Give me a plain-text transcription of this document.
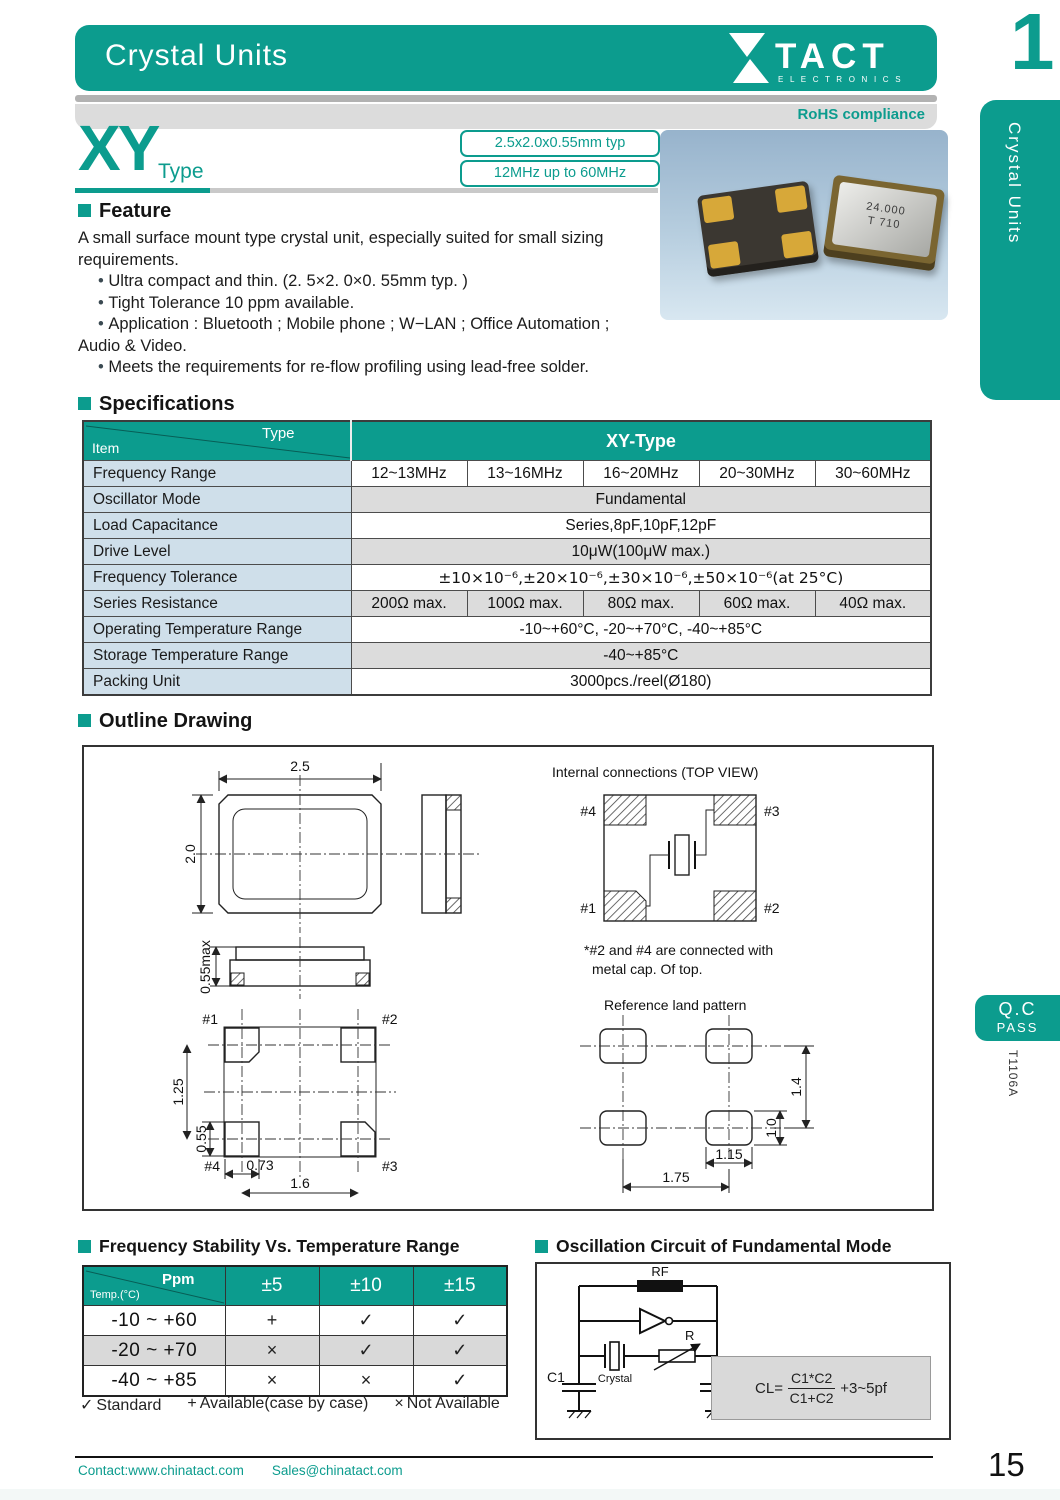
Crystal Units	TACT
E L E C T R O N I C S 1
RoHS compliance
Crystal Units
Q.C
PASS
T1106A
XY Type
2.5x2.0x0.55mm typ
12MHz up to 60MHz
24.000
T 710
Feature
A small surface mount type crystal unit, especially suited for small sizing requirements.
• Ultra compact and thin. (2. 5×2. 0×0. 55mm typ. )
• Tight Tolerance 10 ppm available.
• Application : Bluetooth ; Mobile phone ; W−LAN ; Office Automation ; Audio & Video.
• Meets the requirements for re-flow profiling using lead-free solder.
Specifications
Type
Item	XY-Type				
Frequency Range	12~13MHz	13~16MHz	16~20MHz	20~30MHz	30~60MHz
Oscillator Mode	Fundamental				
Load Capacitance	Series,8pF,10pF,12pF				
Drive Level	10μW(100μW max.)				
Frequency Tolerance	±10×10⁻⁶,±20×10⁻⁶,±30×10⁻⁶,±50×10⁻⁶(at 25°C)				
Series Resistance	200Ω max.	100Ω max.	80Ω max.	60Ω max.	40Ω max.
Operating Temperature Range	-10~+60°C, -20~+70°C, -40~+85°C				
Storage Temperature Range	-40~+85°C				
Packing Unit	3000pcs./reel(Ø180)				
Outline Drawing
2.5
2.0
0.55max
#1	#2
#4	#3
1.25
0.55
0.73
1.6
Internal connections (TOP VIEW)
#4	#3
#1	#2
*#2 and #4 are connected with
metal cap. Of top.
Reference land pattern
1.4
1.0
1.15
1.75
Frequency Stability Vs. Temperature Range
Ppm
Temp.(°C)	±5	±10	±15
-10 ~ +60	+	✓	✓
-20 ~ +70	×	✓	✓
-40 ~ +85	×	×	✓
✓ Standard + Available(case by case) × Not Available
Oscillation Circuit of Fundamental Mode
RF
Crystal
R
C1
$CL= \frac{C1*C2}{C1+C2}$ +3~5pf
Contact:www.chinatact.com Sales@chinatact.com	15
